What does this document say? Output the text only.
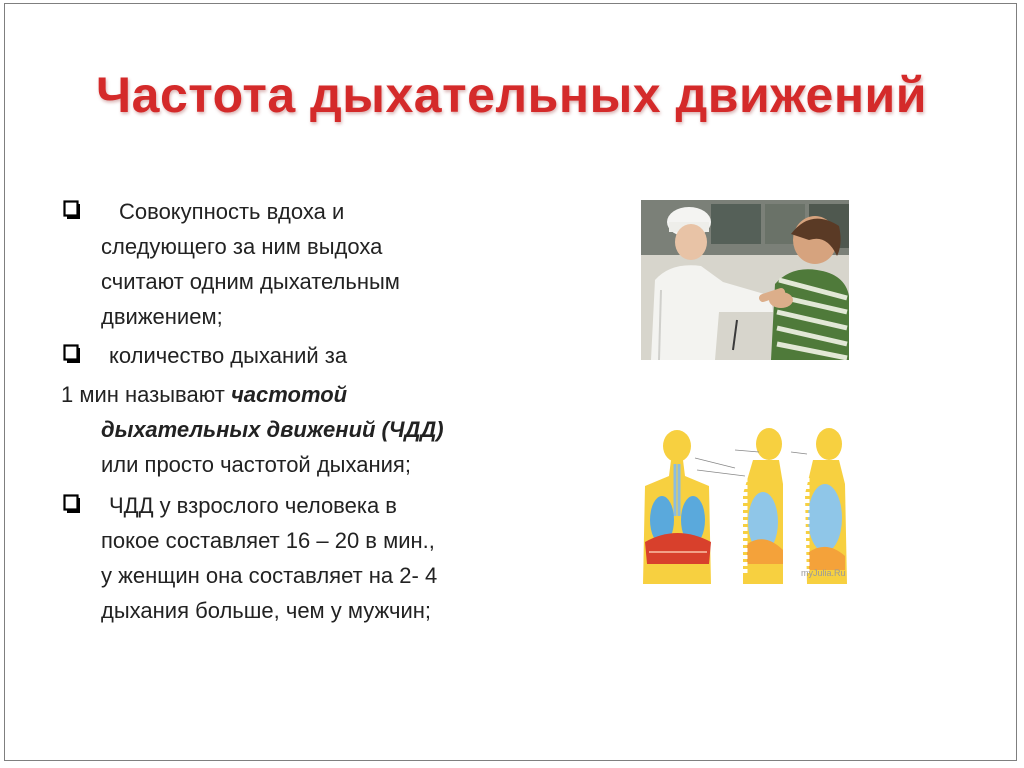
Частота дыхательных движений
Совокупность вдоха и
следующего за ним выдоха
считают одним дыхательным
движением;
количество дыханий за
1 мин называют частотой

дыхательных движений (ЧДД)
или просто частотой дыхания;
ЧДД у взрослого человека в
покое составляет 16 – 20 в мин.,
у женщин она составляет на 2- 4
дыхания больше, чем у мужчин;
myJulia.Ru
